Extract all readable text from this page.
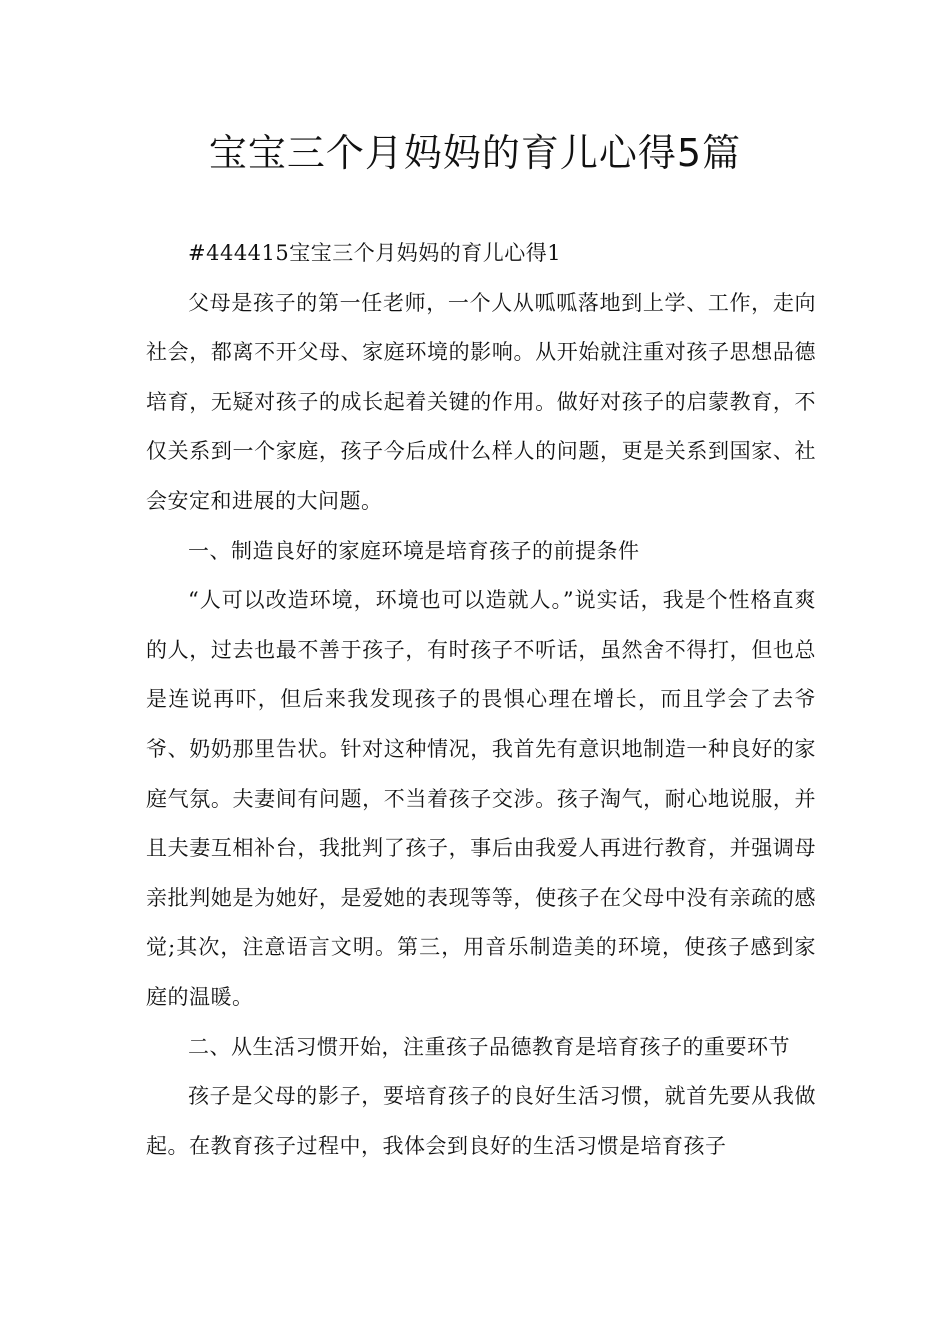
宝宝三个月妈妈的育儿心得5篇

#444415宝宝三个月妈妈的育儿心得1

父母是孩子的第一任老师，一个人从呱呱落地到上学、工作，走向社会，都离不开父母、家庭环境的影响。从开始就注重对孩子思想品德培育，无疑对孩子的成长起着关键的作用。做好对孩子的启蒙教育，不仅关系到一个家庭，孩子今后成什么样人的问题，更是关系到国家、社会安定和进展的大问题。

一、制造良好的家庭环境是培育孩子的前提条件

“人可以改造环境，环境也可以造就人。”说实话，我是个性格直爽的人，过去也最不善于孩子，有时孩子不听话，虽然舍不得打，但也总是连说再吓，但后来我发现孩子的畏惧心理在增长，而且学会了去爷爷、奶奶那里告状。针对这种情况，我首先有意识地制造一种良好的家庭气氛。夫妻间有问题，不当着孩子交涉。孩子淘气，耐心地说服，并且夫妻互相补台，我批判了孩子，事后由我爱人再进行教育，并强调母亲批判她是为她好，是爱她的表现等等，使孩子在父母中没有亲疏的感觉;其次，注意语言文明。第三，用音乐制造美的环境，使孩子感到家庭的温暖。

二、从生活习惯开始，注重孩子品德教育是培育孩子的重要环节

孩子是父母的影子，要培育孩子的良好生活习惯，就首先要从我做起。在教育孩子过程中，我体会到良好的生活习惯是培育孩子
